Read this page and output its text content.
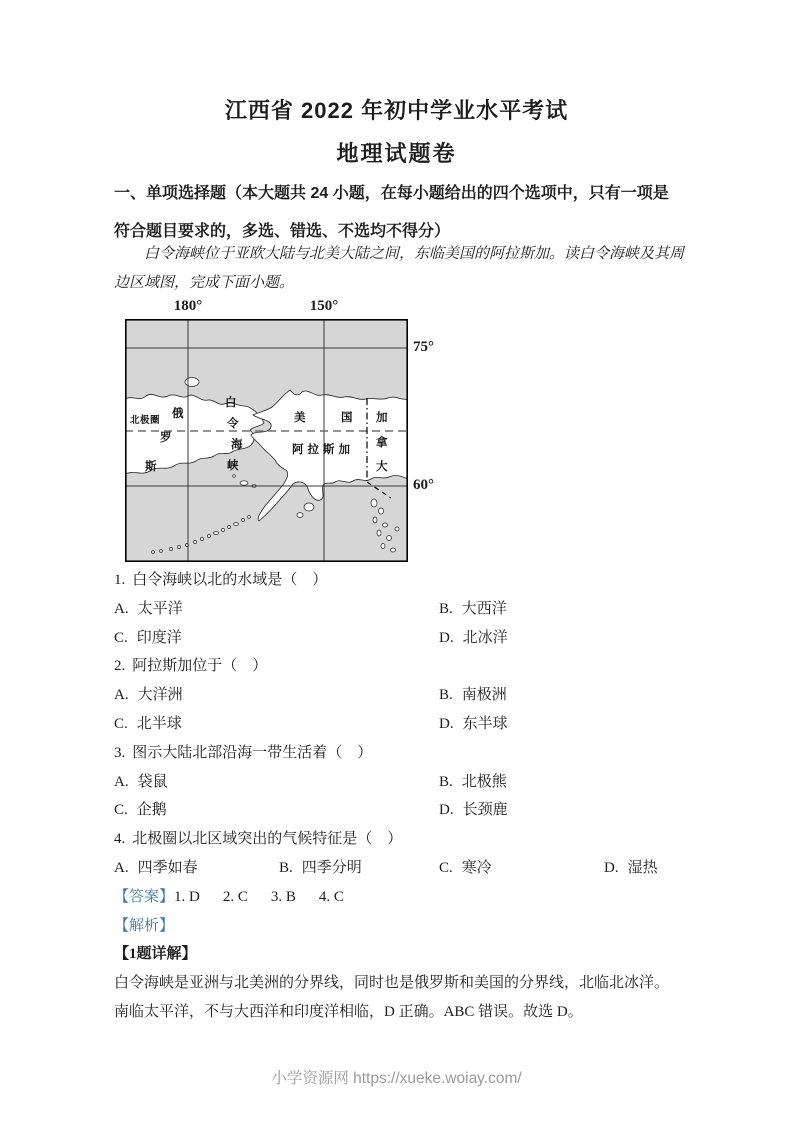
江西省 2022 年初中学业水平考试
地理试题卷
一、单项选择题（本大题共 24 小题，在每小题给出的四个选项中，只有一项是符合题目要求的，多选、错选、不选均不得分）
白令海峡位于亚欧大陆与北美大陆之间，东临美国的阿拉斯加。读白令海峡及其周边区域图，完成下面小题。
180°	150°
75°
60°
北极圈
俄
罗
斯
白
令
海
峡
美	国
阿拉斯加
加
拿
大
1. 白令海峡以北的水域是（　）
A. 太平洋	B. 大西洋
C. 印度洋	D. 北冰洋
2. 阿拉斯加位于（　）
A. 大洋洲	B. 南极洲
C. 北半球	D. 东半球
3. 图示大陆北部沿海一带生活着（　）
A. 袋鼠	B. 北极熊
C. 企鹅	D. 长颈鹿
4. 北极圈以北区域突出的气候特征是（　）
A. 四季如春	B. 四季分明	C. 寒冷	D. 湿热
【答案】1. D 2. C 3. B 4. C
【解析】
【1题详解】
白令海峡是亚洲与北美洲的分界线，同时也是俄罗斯和美国的分界线，北临北冰洋。南临太平洋，不与大西洋和印度洋相临，D 正确。ABC 错误。故选 D。
小学资源网 https://xueke.woiay.com/
